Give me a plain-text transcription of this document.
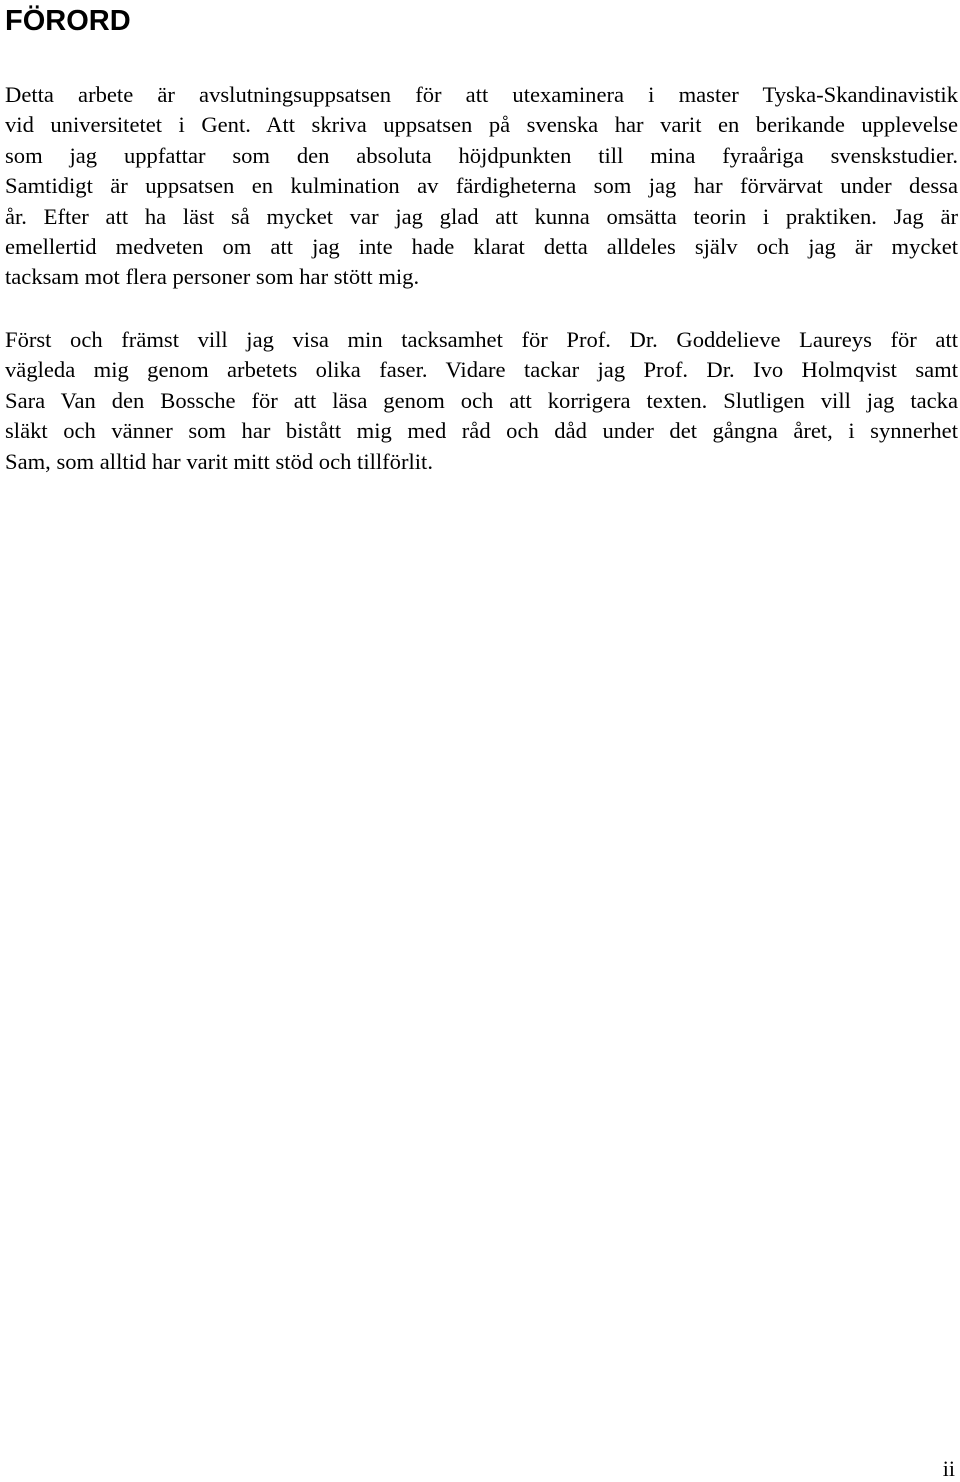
FÖRORD

Detta arbete är avslutningsuppsatsen för att utexaminera i master Tyska-Skandinavistik
vid universitetet i Gent. Att skriva uppsatsen på svenska har varit en berikande upplevelse
som jag uppfattar som den absoluta höjdpunkten till mina fyraåriga svenskstudier.
Samtidigt är uppsatsen en kulmination av färdigheterna som jag har förvärvat under dessa
år. Efter att ha läst så mycket var jag glad att kunna omsätta teorin i praktiken. Jag är
emellertid medveten om att jag inte hade klarat detta alldeles själv och jag är mycket
tacksam mot flera personer som har stött mig.

Först och främst vill jag visa min tacksamhet för Prof. Dr. Goddelieve Laureys för att
vägleda mig genom arbetets olika faser. Vidare tackar jag Prof. Dr. Ivo Holmqvist samt
Sara Van den Bossche för att läsa genom och att korrigera texten. Slutligen vill jag tacka
släkt och vänner som har bistått mig med råd och dåd under det gångna året, i synnerhet
Sam, som alltid har varit mitt stöd och tillförlit.

ii
